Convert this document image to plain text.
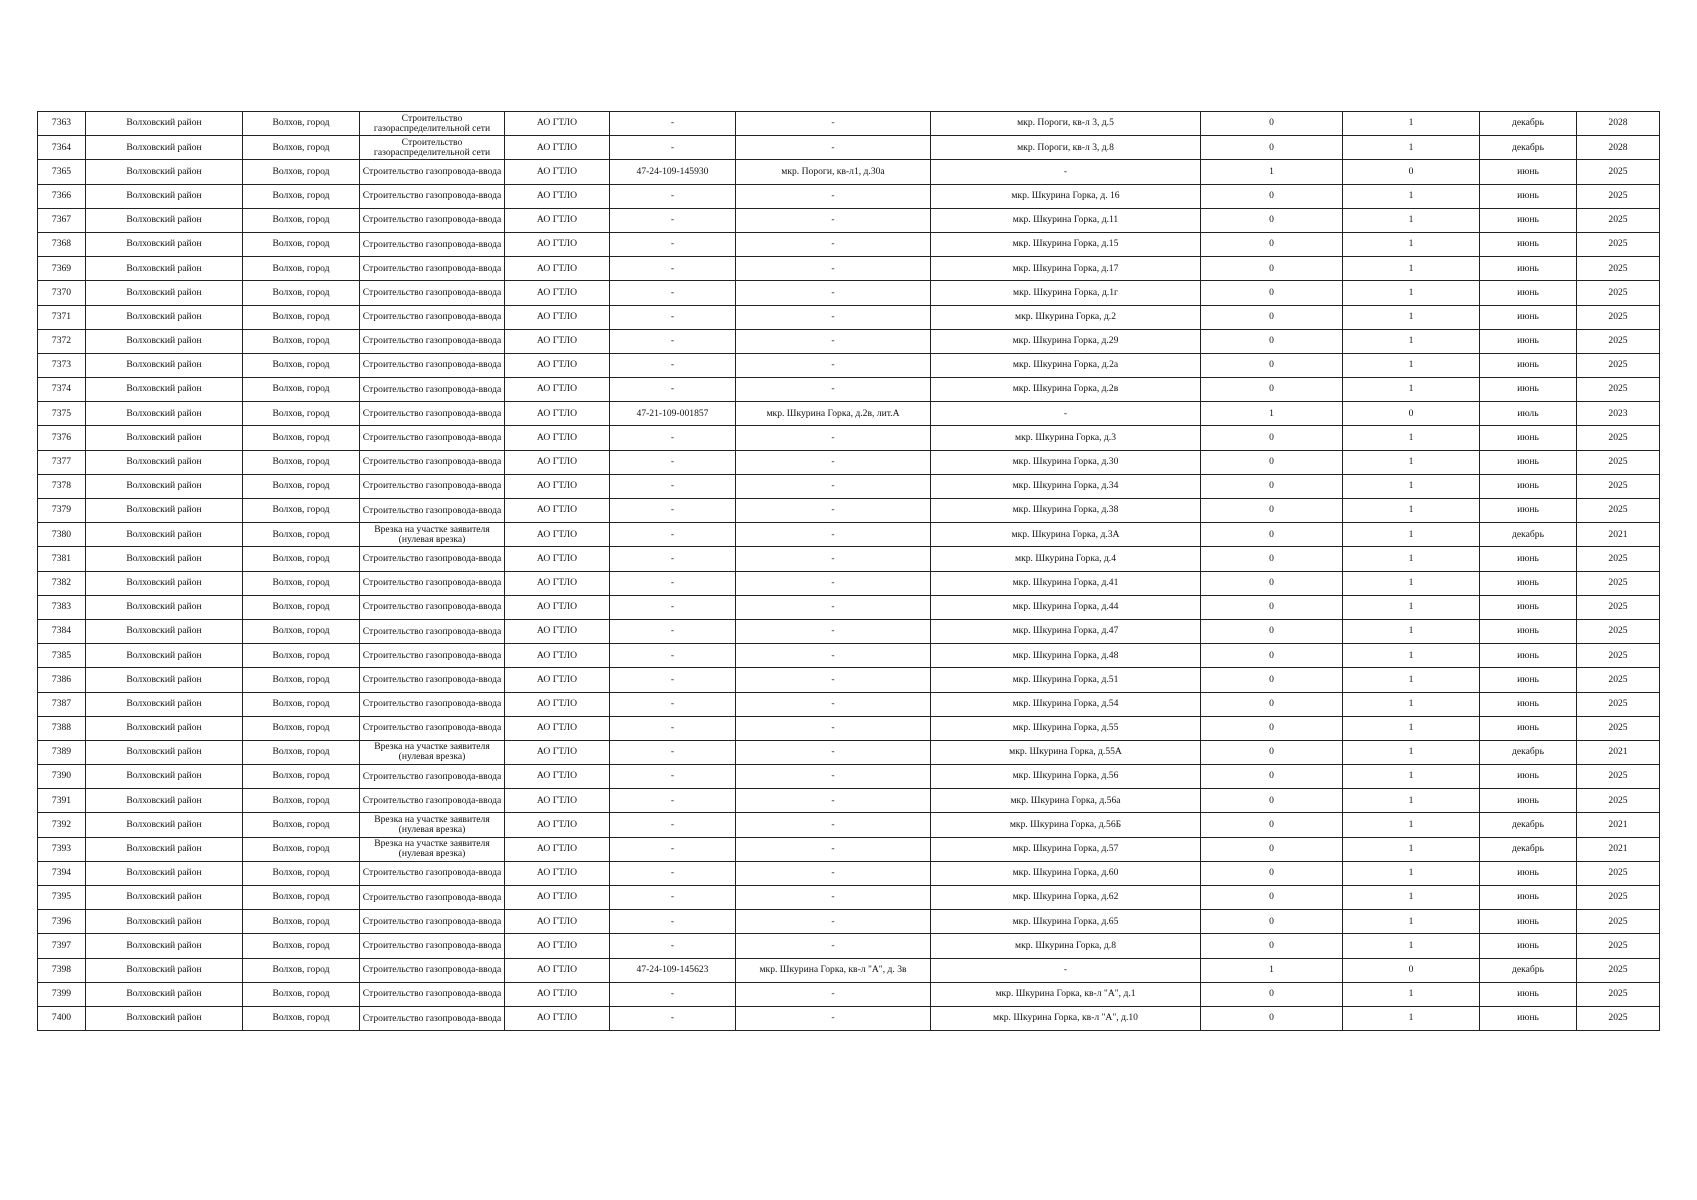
7363	Волховский район	Волхов, город	Строительство газораспределительной сети	АО ГТЛО	-	-	мкр. Пороги, кв-л 3, д.5	0	1	декабрь	2028
7364	Волховский район	Волхов, город	Строительство газораспределительной сети	АО ГТЛО	-	-	мкр. Пороги, кв-л 3, д.8	0	1	декабрь	2028
7365	Волховский район	Волхов, город	Строительство газопровода-ввода	АО ГТЛО	47-24-109-145930	мкр. Пороги, кв-л1, д.30а	-	1	0	июнь	2025
7366	Волховский район	Волхов, город	Строительство газопровода-ввода	АО ГТЛО	-	-	мкр. Шкурина Горка, д. 16	0	1	июнь	2025
7367	Волховский район	Волхов, город	Строительство газопровода-ввода	АО ГТЛО	-	-	мкр. Шкурина Горка, д.11	0	1	июнь	2025
7368	Волховский район	Волхов, город	Строительство газопровода-ввода	АО ГТЛО	-	-	мкр. Шкурина Горка, д.15	0	1	июнь	2025
7369	Волховский район	Волхов, город	Строительство газопровода-ввода	АО ГТЛО	-	-	мкр. Шкурина Горка, д.17	0	1	июнь	2025
7370	Волховский район	Волхов, город	Строительство газопровода-ввода	АО ГТЛО	-	-	мкр. Шкурина Горка, д.1г	0	1	июнь	2025
7371	Волховский район	Волхов, город	Строительство газопровода-ввода	АО ГТЛО	-	-	мкр. Шкурина Горка, д.2	0	1	июнь	2025
7372	Волховский район	Волхов, город	Строительство газопровода-ввода	АО ГТЛО	-	-	мкр. Шкурина Горка, д.29	0	1	июнь	2025
7373	Волховский район	Волхов, город	Строительство газопровода-ввода	АО ГТЛО	-	-	мкр. Шкурина Горка, д.2а	0	1	июнь	2025
7374	Волховский район	Волхов, город	Строительство газопровода-ввода	АО ГТЛО	-	-	мкр. Шкурина Горка, д.2в	0	1	июнь	2025
7375	Волховский район	Волхов, город	Строительство газопровода-ввода	АО ГТЛО	47-21-109-001857	мкр. Шкурина Горка, д.2в, лит.А	-	1	0	июль	2023
7376	Волховский район	Волхов, город	Строительство газопровода-ввода	АО ГТЛО	-	-	мкр. Шкурина Горка, д.3	0	1	июнь	2025
7377	Волховский район	Волхов, город	Строительство газопровода-ввода	АО ГТЛО	-	-	мкр. Шкурина Горка, д.30	0	1	июнь	2025
7378	Волховский район	Волхов, город	Строительство газопровода-ввода	АО ГТЛО	-	-	мкр. Шкурина Горка, д.34	0	1	июнь	2025
7379	Волховский район	Волхов, город	Строительство газопровода-ввода	АО ГТЛО	-	-	мкр. Шкурина Горка, д.38	0	1	июнь	2025
7380	Волховский район	Волхов, город	Врезка на участке заявителя (нулевая врезка)	АО ГТЛО	-	-	мкр. Шкурина Горка, д.3А	0	1	декабрь	2021
7381	Волховский район	Волхов, город	Строительство газопровода-ввода	АО ГТЛО	-	-	мкр. Шкурина Горка, д.4	0	1	июнь	2025
7382	Волховский район	Волхов, город	Строительство газопровода-ввода	АО ГТЛО	-	-	мкр. Шкурина Горка, д.41	0	1	июнь	2025
7383	Волховский район	Волхов, город	Строительство газопровода-ввода	АО ГТЛО	-	-	мкр. Шкурина Горка, д.44	0	1	июнь	2025
7384	Волховский район	Волхов, город	Строительство газопровода-ввода	АО ГТЛО	-	-	мкр. Шкурина Горка, д.47	0	1	июнь	2025
7385	Волховский район	Волхов, город	Строительство газопровода-ввода	АО ГТЛО	-	-	мкр. Шкурина Горка, д.48	0	1	июнь	2025
7386	Волховский район	Волхов, город	Строительство газопровода-ввода	АО ГТЛО	-	-	мкр. Шкурина Горка, д.51	0	1	июнь	2025
7387	Волховский район	Волхов, город	Строительство газопровода-ввода	АО ГТЛО	-	-	мкр. Шкурина Горка, д.54	0	1	июнь	2025
7388	Волховский район	Волхов, город	Строительство газопровода-ввода	АО ГТЛО	-	-	мкр. Шкурина Горка, д.55	0	1	июнь	2025
7389	Волховский район	Волхов, город	Врезка на участке заявителя (нулевая врезка)	АО ГТЛО	-	-	мкр. Шкурина Горка, д.55А	0	1	декабрь	2021
7390	Волховский район	Волхов, город	Строительство газопровода-ввода	АО ГТЛО	-	-	мкр. Шкурина Горка, д.56	0	1	июнь	2025
7391	Волховский район	Волхов, город	Строительство газопровода-ввода	АО ГТЛО	-	-	мкр. Шкурина Горка, д.56а	0	1	июнь	2025
7392	Волховский район	Волхов, город	Врезка на участке заявителя (нулевая врезка)	АО ГТЛО	-	-	мкр. Шкурина Горка, д.56Б	0	1	декабрь	2021
7393	Волховский район	Волхов, город	Врезка на участке заявителя (нулевая врезка)	АО ГТЛО	-	-	мкр. Шкурина Горка, д.57	0	1	декабрь	2021
7394	Волховский район	Волхов, город	Строительство газопровода-ввода	АО ГТЛО	-	-	мкр. Шкурина Горка, д.60	0	1	июнь	2025
7395	Волховский район	Волхов, город	Строительство газопровода-ввода	АО ГТЛО	-	-	мкр. Шкурина Горка, д.62	0	1	июнь	2025
7396	Волховский район	Волхов, город	Строительство газопровода-ввода	АО ГТЛО	-	-	мкр. Шкурина Горка, д.65	0	1	июнь	2025
7397	Волховский район	Волхов, город	Строительство газопровода-ввода	АО ГТЛО	-	-	мкр. Шкурина Горка, д.8	0	1	июнь	2025
7398	Волховский район	Волхов, город	Строительство газопровода-ввода	АО ГТЛО	47-24-109-145623	мкр. Шкурина Горка, кв-л "А", д. 3в	-	1	0	декабрь	2025
7399	Волховский район	Волхов, город	Строительство газопровода-ввода	АО ГТЛО	-	-	мкр. Шкурина Горка, кв-л "А", д.1	0	1	июнь	2025
7400	Волховский район	Волхов, город	Строительство газопровода-ввода	АО ГТЛО	-	-	мкр. Шкурина Горка, кв-л "А", д.10	0	1	июнь	2025
